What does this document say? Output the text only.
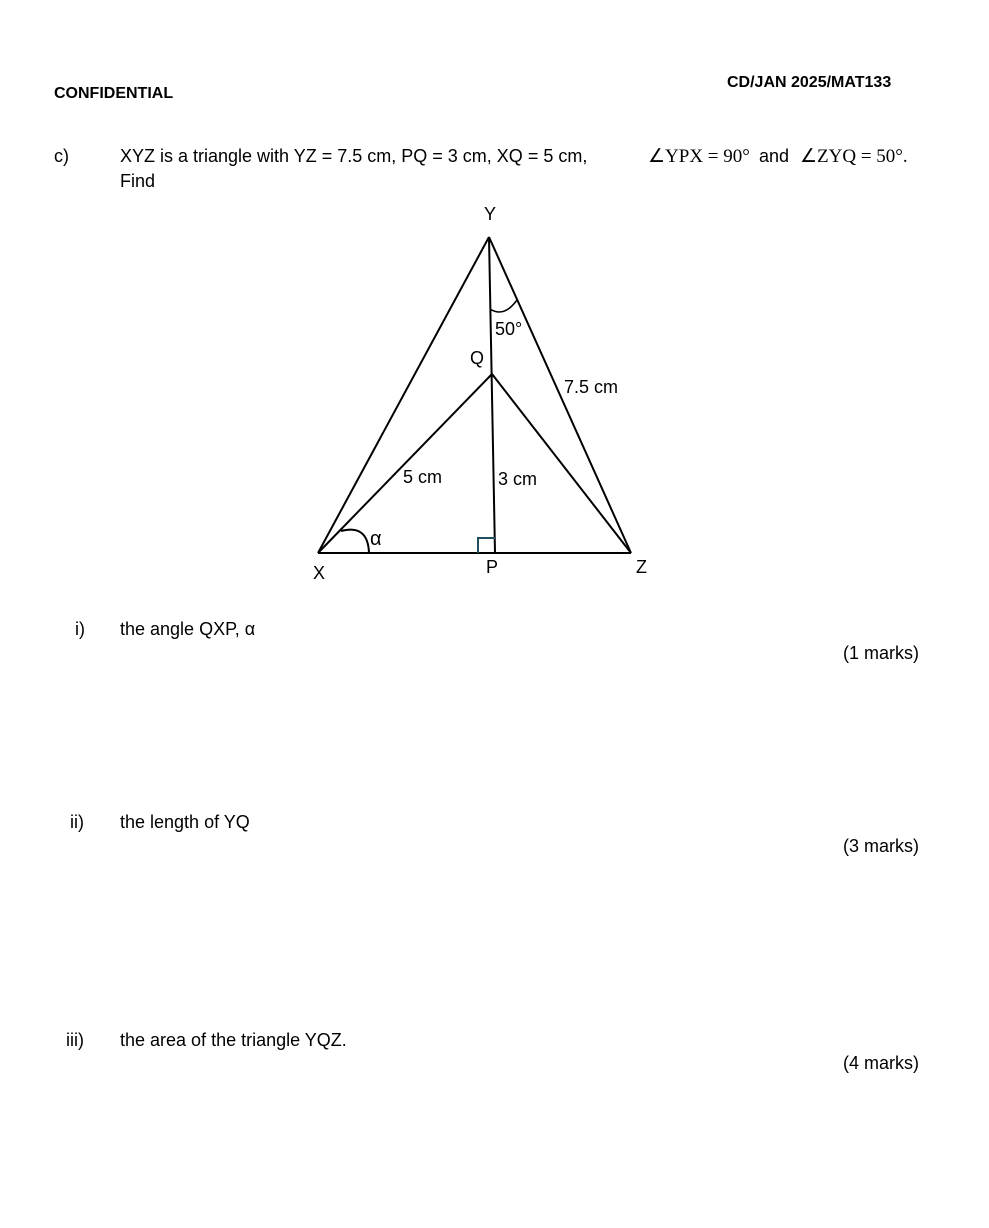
CONFIDENTIAL
CD/JAN 2025/MAT133
c)	XYZ is a triangle with YZ = 7.5 cm, PQ = 3 cm, XQ = 5 cm,	∠YPX = 90° and ∠ZYQ = 50°.
Find
Y
Q
X	P	Z
7.5 cm
5 cm	3 cm
50°
α
i) the angle QXP, α
(1 marks)
ii) the length of YQ
(3 marks)
iii) the area of the triangle YQZ.
(4 marks)
